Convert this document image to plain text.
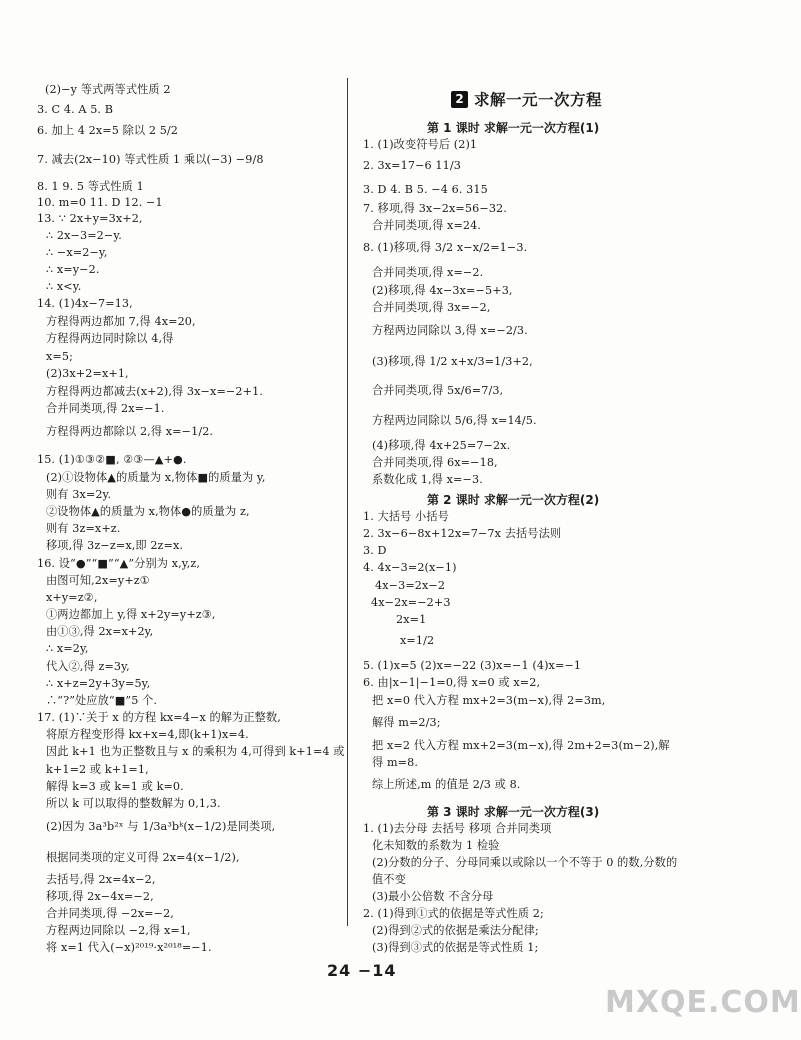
(2)−y 等式两等式性质 2
3. C 4. A 5. B
6. 加上 4 2x=5 除以 2 5/2
7. 减去(2x−10) 等式性质 1 乘以(−3) −9/8
8. 1 9. 5 等式性质 1
10. m=0 11. D 12. −1
13. ∵ 2x+y=3x+2,
∴ 2x−3=2−y.
∴ −x=2−y,
∴ x=y−2.
∴ x<y.
14. (1)4x−7=13,
方程得两边都加 7,得 4x=20,
方程得两边同时除以 4,得
x=5;
(2)3x+2=x+1,
方程得两边都减去(x+2),得 3x−x=−2+1.
合并同类项,得 2x=−1.
方程得两边都除以 2,得 x=−1/2.
15. (1)①③②■, ②③—▲+●.
(2)①设物体▲的质量为 x,物体■的质量为 y,
则有 3x=2y.
②设物体▲的质量为 x,物体●的质量为 z,
则有 3z=x+z.
移项,得 3z−z=x,即 2z=x.
16. 设“●”“■”“▲”分别为 x,y,z,
由图可知,2x=y+z①
x+y=z②,
①两边都加上 y,得 x+2y=y+z③,
由①③,得 2x=x+2y,
∴ x=2y,
代入②,得 z=3y,
∴ x+z=2y+3y=5y,
∴“?”处应放“■”5 个.
17. (1)∵关于 x 的方程 kx=4−x 的解为正整数,
将原方程变形得 kx+x=4,即(k+1)x=4.
因此 k+1 也为正整数且与 x 的乘积为 4,可得到 k+1=4 或
k+1=2 或 k+1=1,
解得 k=3 或 k=1 或 k=0.
所以 k 可以取得的整数解为 0,1,3.
(2)因为 3a³b²ˣ 与 1/3a³bᵏ(x−1/2)是同类项,
根据同类项的定义可得 2x=4(x−1/2),
去括号,得 2x=4x−2,
移项,得 2x−4x=−2,
合并同类项,得 −2x=−2,
方程两边同除以 −2,得 x=1,
将 x=1 代入(−x)²⁰¹⁹·x²⁰¹⁸=−1.
2 求解一元一次方程
第 1 课时 求解一元一次方程(1)
1. (1)改变符号后 (2)1
2. 3x=17−6 11/3
3. D 4. B 5. −4 6. 315
7. 移项,得 3x−2x=56−32.
合并同类项,得 x=24.
8. (1)移项,得 3/2 x−x/2=1−3.
合并同类项,得 x=−2.
(2)移项,得 4x−3x=−5+3,
合并同类项,得 3x=−2,
方程两边同除以 3,得 x=−2/3.
(3)移项,得 1/2 x+x/3=1/3+2,
合并同类项,得 5x/6=7/3,
方程两边同除以 5/6,得 x=14/5.
(4)移项,得 4x+25=7−2x.
合并同类项,得 6x=−18,
系数化成 1,得 x=−3.
第 2 课时 求解一元一次方程(2)
1. 大括号 小括号
2. 3x−6−8x+12x=7−7x 去括号法则
3. D
4. 4x−3=2(x−1)
4x−3=2x−2
4x−2x=−2+3
2x=1
x=1/2
5. (1)x=5 (2)x=−22 (3)x=−1 (4)x=−1
6. 由|x−1|−1=0,得 x=0 或 x=2,
把 x=0 代入方程 mx+2=3(m−x),得 2=3m,
解得 m=2/3;
把 x=2 代入方程 mx+2=3(m−x),得 2m+2=3(m−2),解
得 m=8.
综上所述,m 的值是 2/3 或 8.
第 3 课时 求解一元一次方程(3)
1. (1)去分母 去括号 移项 合并同类项
化未知数的系数为 1 检验
(2)分数的分子、分母同乘以或除以一个不等于 0 的数,分数的
值不变
(3)最小公倍数 不含分母
2. (1)得到①式的依据是等式性质 2;
(2)得到②式的依据是乘法分配律;
(3)得到③式的依据是等式性质 1;
24 −14
MXQE.COM
